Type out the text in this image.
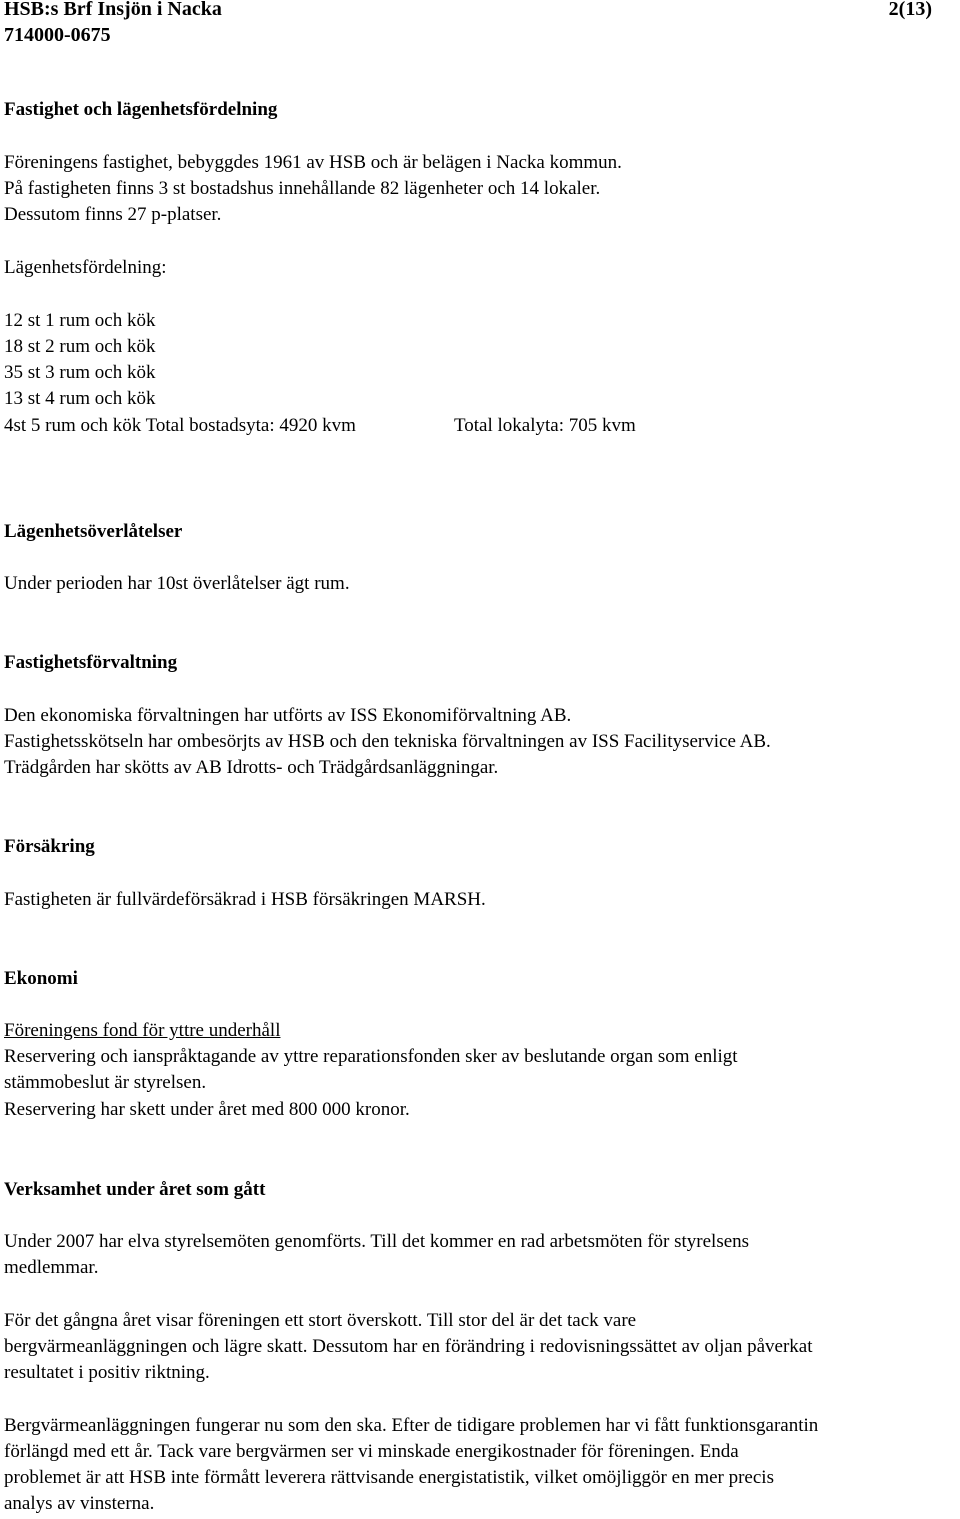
HSB:s Brf Insjön i Nacka	2(13)
714000-0675
Fastighet och lägenhetsfördelning
Föreningens fastighet, bebyggdes 1961 av HSB och är belägen i Nacka kommun.
På fastigheten finns 3 st bostadshus innehållande 82 lägenheter och 14 lokaler.
Dessutom finns 27 p-platser.
Lägenhetsfördelning:
12 st 1 rum och kök
18 st 2 rum och kök
35 st 3 rum och kök
13 st 4 rum och kök
4st 5 rum och kök Total bostadsyta: 4920 kvm	Total lokalyta: 705 kvm
Lägenhetsöverlåtelser
Under perioden har 10st överlåtelser ägt rum.
Fastighetsförvaltning
Den ekonomiska förvaltningen har utförts av ISS Ekonomiförvaltning AB.
Fastighetsskötseln har ombesörjts av HSB och den tekniska förvaltningen av ISS Facilityservice AB.
Trädgården har skötts av AB Idrotts- och Trädgårdsanläggningar.
Försäkring
Fastigheten är fullvärdeförsäkrad i HSB försäkringen MARSH.
Ekonomi
Föreningens fond för yttre underhåll
Reservering och ianspråktagande av yttre reparationsfonden sker av beslutande organ som enligt
stämmobeslut är styrelsen.
Reservering har skett under året med 800 000 kronor.
Verksamhet under året som gått
Under 2007 har elva styrelsemöten genomförts. Till det kommer en rad arbetsmöten för styrelsens
medlemmar.
För det gångna året visar föreningen ett stort överskott. Till stor del är det tack vare
bergvärmeanläggningen och lägre skatt. Dessutom har en förändring i redovisningssättet av oljan påverkat
resultatet i positiv riktning.
Bergvärmeanläggningen fungerar nu som den ska. Efter de tidigare problemen har vi fått funktionsgarantin
förlängd med ett år. Tack vare bergvärmen ser vi minskade energikostnader för föreningen. Enda
problemet är att HSB inte förmått leverera rättvisande energistatistik, vilket omöjliggör en mer precis
analys av vinsterna.
